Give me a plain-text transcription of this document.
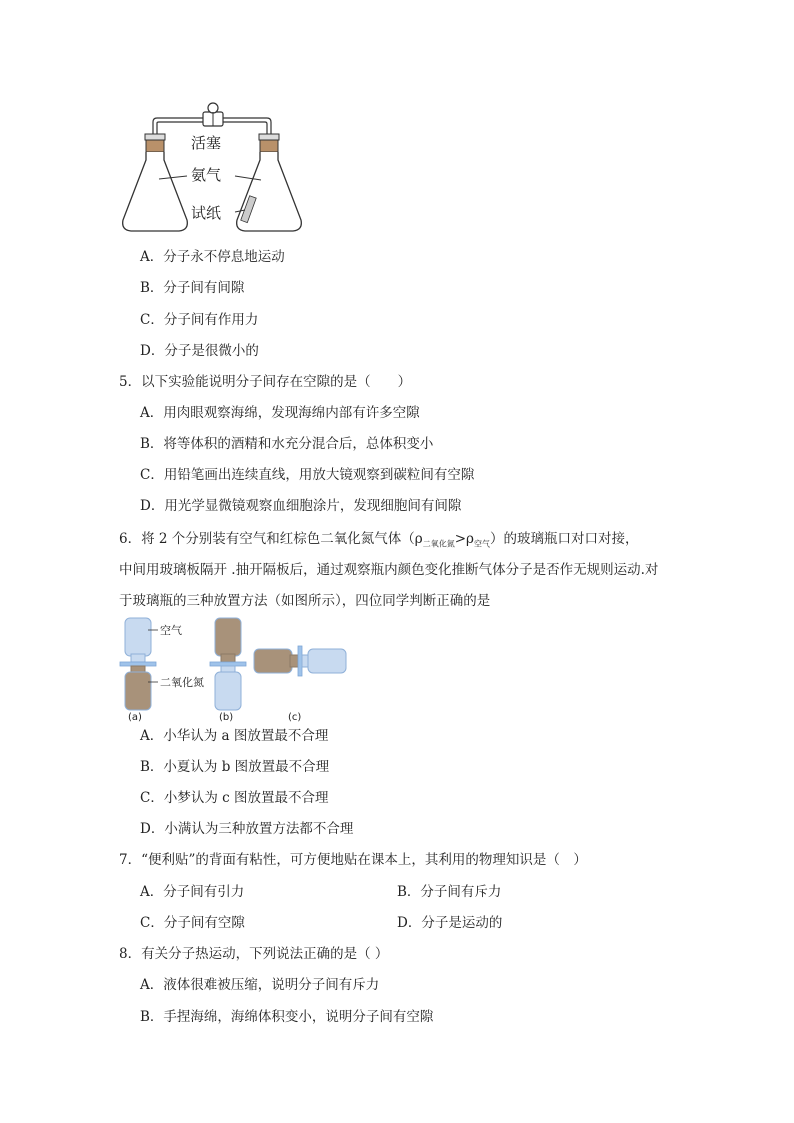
活塞
氨气
试纸
A．分子永不停息地运动
B．分子间有间隙
C．分子间有作用力
D．分子是很微小的
5．以下实验能说明分子间存在空隙的是（　　）
A．用肉眼观察海绵，发现海绵内部有许多空隙
B．将等体积的酒精和水充分混合后，总体积变小
C．用铅笔画出连续直线，用放大镜观察到碳粒间有空隙
D．用光学显微镜观察血细胞涂片，发现细胞间有间隙
6．将 2 个分别装有空气和红棕色二氧化氮气体$(\rho_{二氧化氮}>\rho_{空气})$的玻璃瓶口对口对接，
中间用玻璃板隔开 .抽开隔板后，通过观察瓶内颜色变化推断气体分子是否作无规则运动.对
于玻璃瓶的三种放置方法（如图所示），四位同学判断正确的是
空气
二氧化氮
(a)	(b)	(c)
A．小华认为 a 图放置最不合理
B．小夏认为 b 图放置最不合理
C．小梦认为 c 图放置最不合理
D．小满认为三种放置方法都不合理
7．“便利贴”的背面有粘性，可方便地贴在课本上，其利用的物理知识是（　）
A．分子间有引力	B．分子间有斥力
C．分子间有空隙	D．分子是运动的
8．有关分子热运动，下列说法正确的是（ ）
A．液体很难被压缩，说明分子间有斥力
B．手捏海绵，海绵体积变小，说明分子间有空隙
